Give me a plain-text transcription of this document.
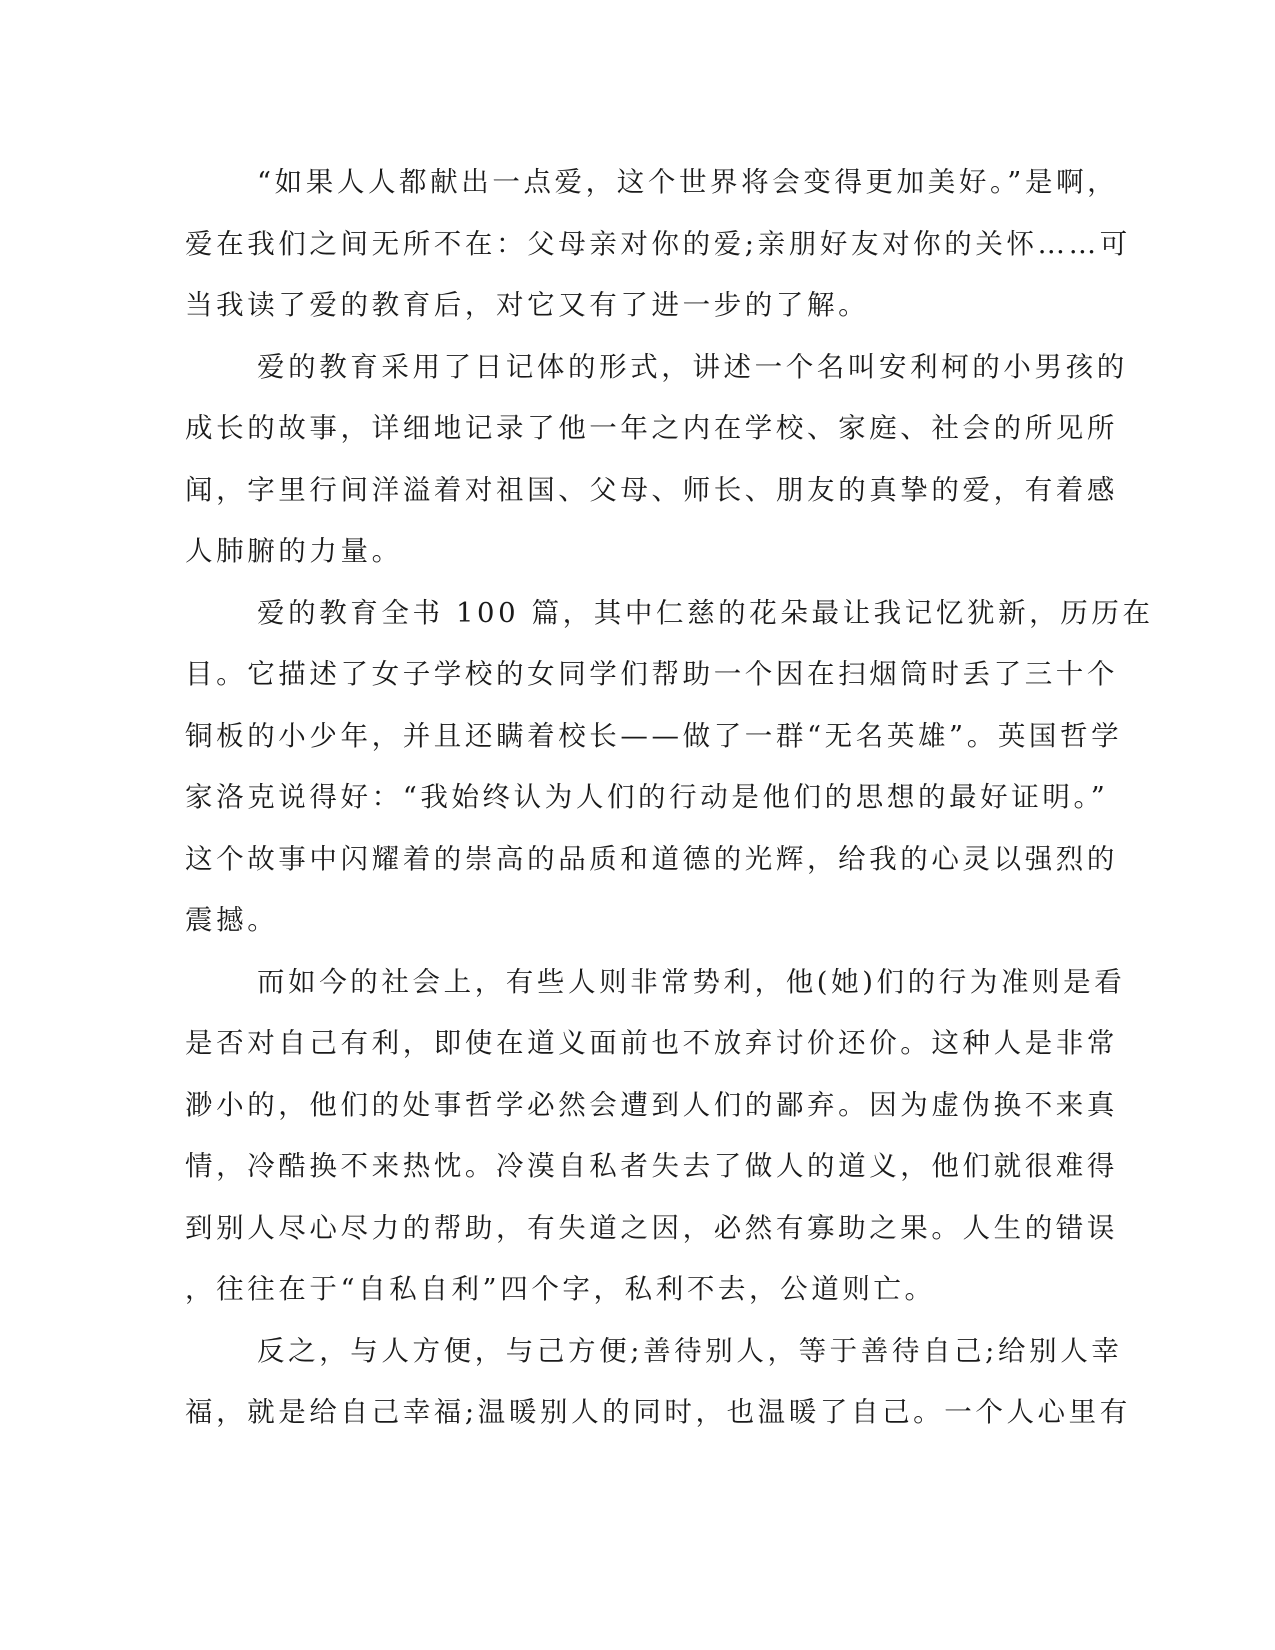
“如果人人都献出一点爱，这个世界将会变得更加美好。”是啊，
爱在我们之间无所不在：父母亲对你的爱;亲朋好友对你的关怀……可
当我读了爱的教育后，对它又有了进一步的了解。
爱的教育采用了日记体的形式，讲述一个名叫安利柯的小男孩的
成长的故事，详细地记录了他一年之内在学校、家庭、社会的所见所
闻，字里行间洋溢着对祖国、父母、师长、朋友的真挚的爱，有着感
人肺腑的力量。
爱的教育全书 100 篇，其中仁慈的花朵最让我记忆犹新，历历在
目。它描述了女子学校的女同学们帮助一个因在扫烟筒时丢了三十个
铜板的小少年，并且还瞒着校长——做了一群“无名英雄”。英国哲学
家洛克说得好：“我始终认为人们的行动是他们的思想的最好证明。”
这个故事中闪耀着的崇高的品质和道德的光辉，给我的心灵以强烈的
震撼。
而如今的社会上，有些人则非常势利，他(她)们的行为准则是看
是否对自己有利，即使在道义面前也不放弃讨价还价。这种人是非常
渺小的，他们的处事哲学必然会遭到人们的鄙弃。因为虚伪换不来真
情，冷酷换不来热忱。冷漠自私者失去了做人的道义，他们就很难得
到别人尽心尽力的帮助，有失道之因，必然有寡助之果。人生的错误
，往往在于“自私自利”四个字，私利不去，公道则亡。
反之，与人方便，与己方便;善待别人，等于善待自己;给别人幸
福，就是给自己幸福;温暖别人的同时，也温暖了自己。一个人心里有
